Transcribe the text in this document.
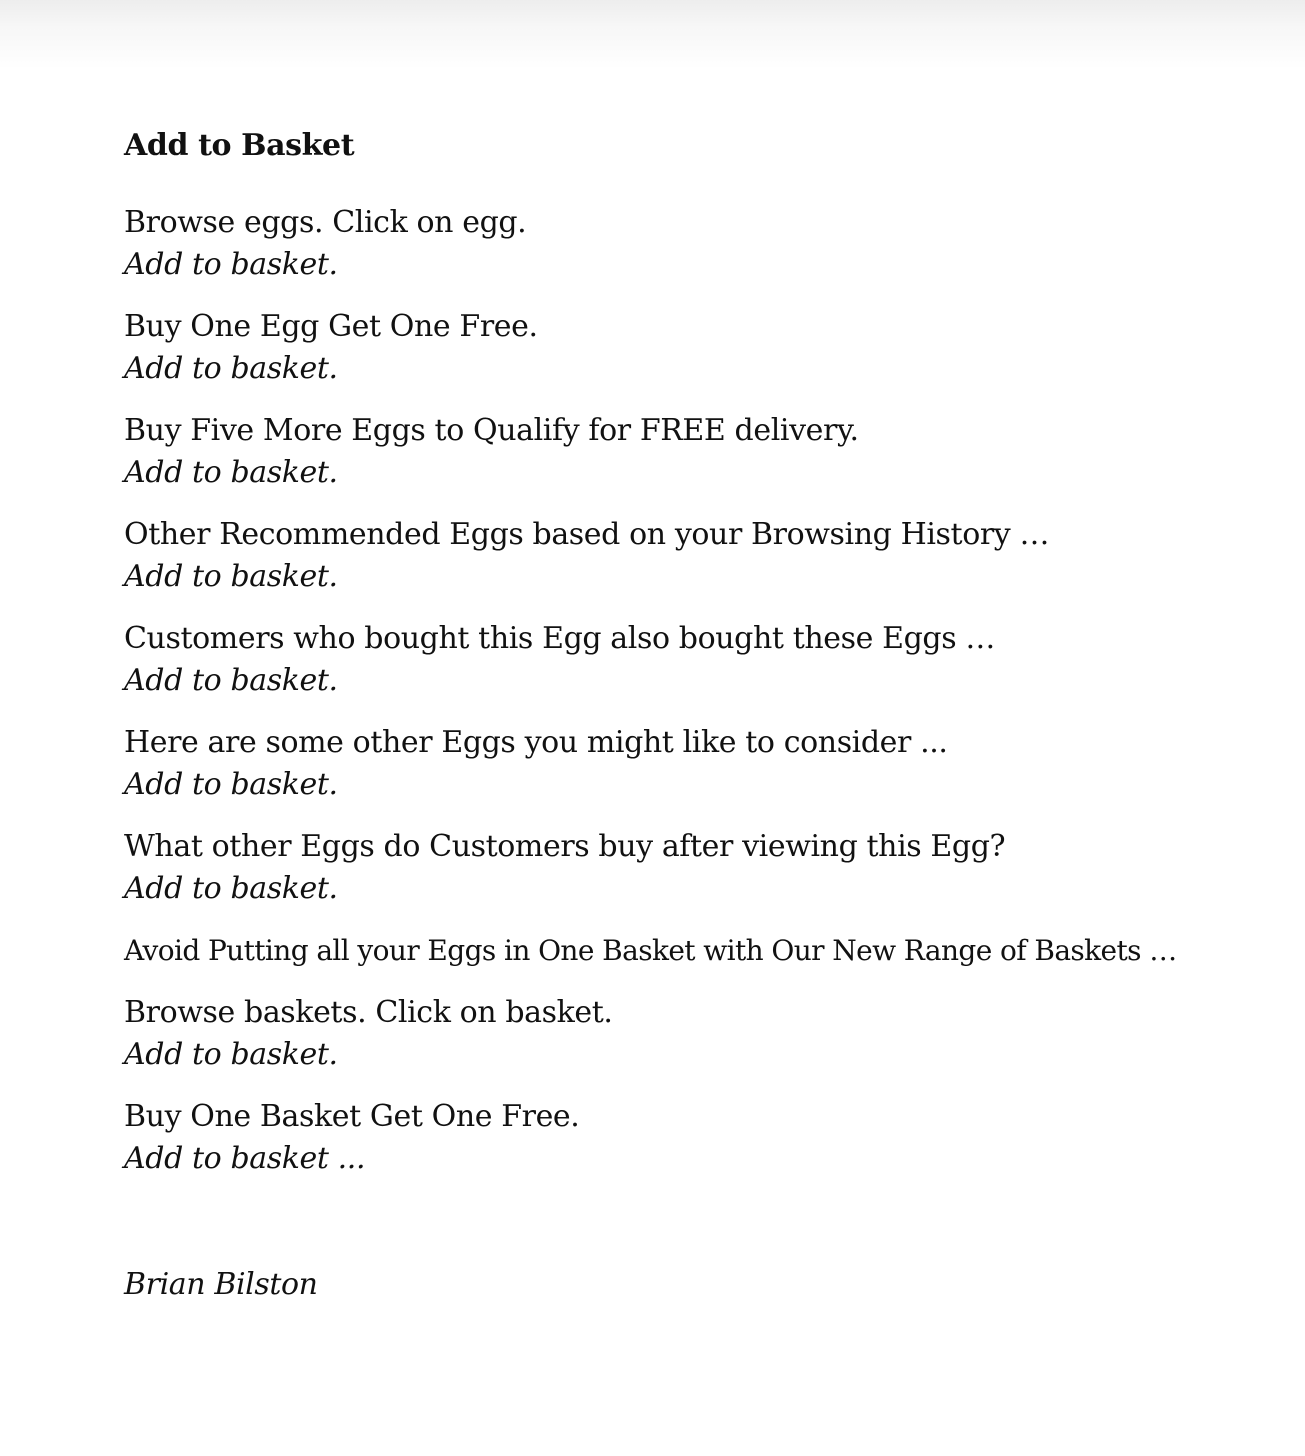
Add to Basket
Browse eggs. Click on egg.
Add to basket.
Buy One Egg Get One Free.
Add to basket.
Buy Five More Eggs to Qualify for FREE delivery.
Add to basket.
Other Recommended Eggs based on your Browsing History …
Add to basket.
Customers who bought this Egg also bought these Eggs …
Add to basket.
Here are some other Eggs you might like to consider ...
Add to basket.
What other Eggs do Customers buy after viewing this Egg?
Add to basket.
Avoid Putting all your Eggs in One Basket with Our New Range of Baskets …
Browse baskets. Click on basket.
Add to basket.
Buy One Basket Get One Free.
Add to basket ...
Brian Bilston
